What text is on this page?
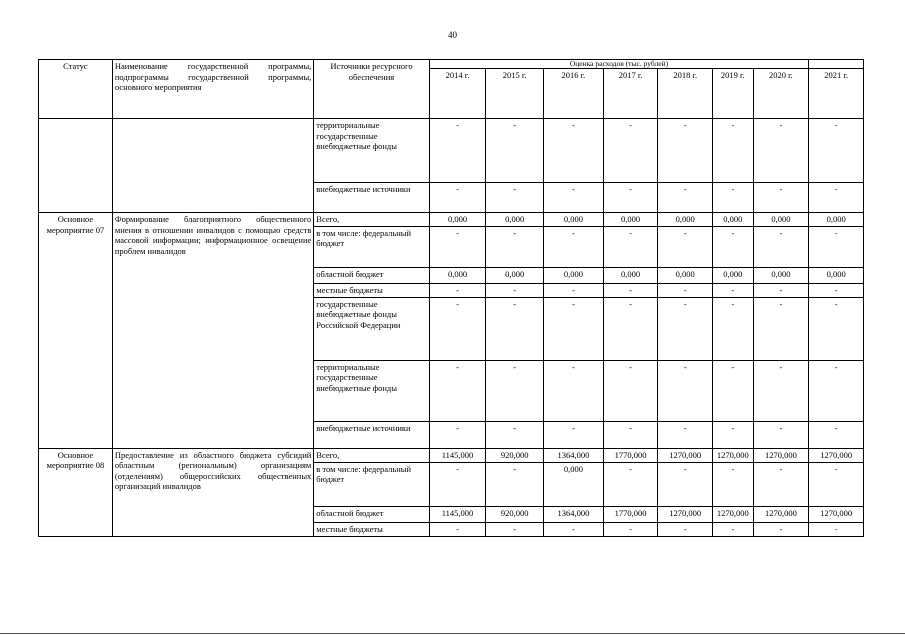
40
Статус	Наименование государственной программы, подпрограммы государственной программы, основного мероприятия	Источники ресурсного обеспечения	Оценка расходов (тыс. рублей)							
			2014 г.	2015 г.	2016 г.	2017 г.	2018 г.	2019 г.	2020 г.	2021 г.
		территориальные государственные внебюджетные фонды	-	-	-	-	-	-	-	-
		внебюджетные источники	-	-	-	-	-	-	-	-
Основное мероприятие 07	Формирование благоприятного общественного мнения в отношении инвалидов с помощью средств массовой информации; информационное освещение проблем инвалидов	Всего,	0,000	0,000	0,000	0,000	0,000	0,000	0,000	0,000
		в том числе: федеральный бюджет	-	-	-	-	-	-	-	-
		областной бюджет	0,000	0,000	0,000	0,000	0,000	0,000	0,000	0,000
		местные бюджеты	-	-	-	-	-	-	-	-
		государственные внебюджетные фонды Российской Федерации	-	-	-	-	-	-	-	-
		территориальные государственные внебюджетные фонды	-	-	-	-	-	-	-	-
		внебюджетные источники	-	-	-	-	-	-	-	-
Основное мероприятие 08	Предоставление из областного бюджета субсидий областным (региональным) организациям (отделениям) общероссийских общественных организаций инвалидов	Всего,	1145,000	920,000	1364,000	1770,000	1270,000	1270,000	1270,000	1270,000
		в том числе: федеральный бюджет	-	-	0,000	-	-	-	-	-
		областной бюджет	1145,000	920,000	1364,000	1770,000	1270,000	1270,000	1270,000	1270,000
		местные бюджеты	-	-	-	-	-	-	-	-
